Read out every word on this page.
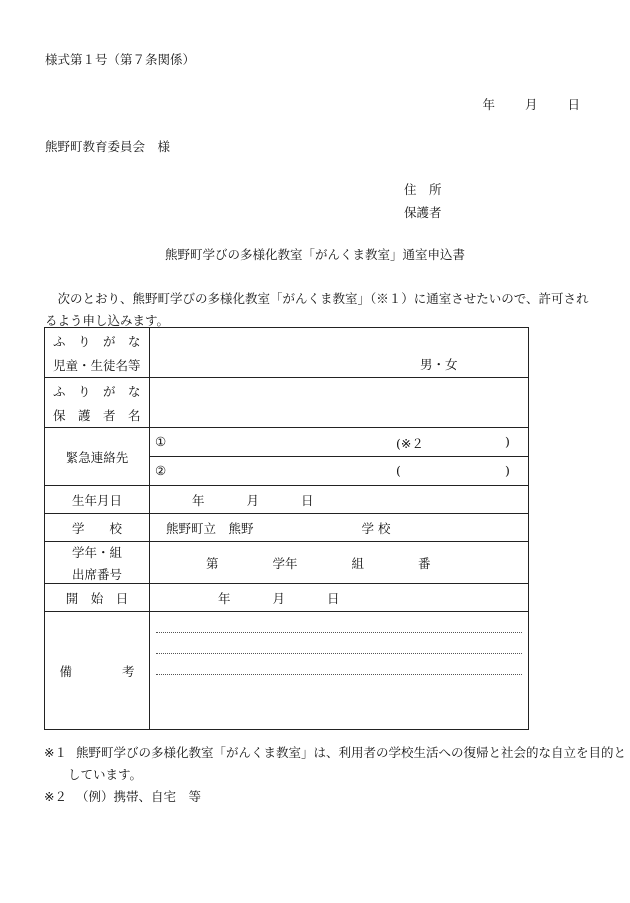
様式第１号（第７条関係）
年 月 日
熊野町教育委員会　様
住　所
保護者
熊野町学びの多様化教室「がんくま教室」通室申込書
次のとおり、熊野町学びの多様化教室「がんくま教室」（※１）に通室させたいので、許可されるよう申し込みます。
ふ　り　が　な
児童・生徒名等	男・女

ふ　り　が　な
保　護　者　名	

緊急連絡先	① (※２ )

	② ( )

生年月日	年 月 日
学　　校	熊野町立　熊野 学 校

学年・組
出席番号	第 学年 組 番
開　始　日	年 月 日
備　　　　考	
※１ 熊野町学びの多様化教室「がんくま教室」は、利用者の学校生活への復帰と社会的な自立を目的としています。
※２ （例）携帯、自宅　等
